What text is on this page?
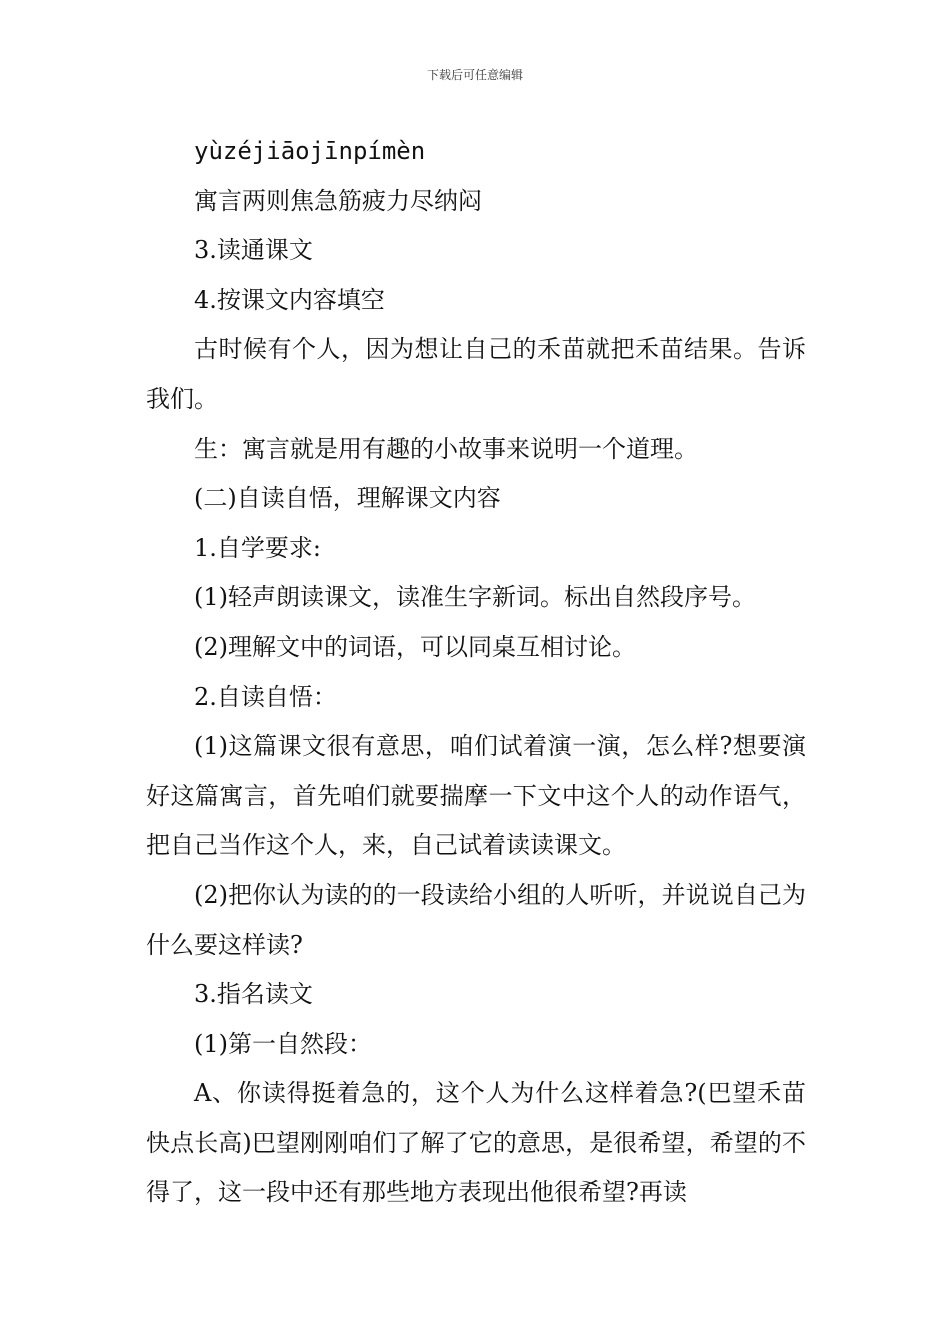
下载后可任意编辑

yùzéjiāojīnpímèn

寓言两则焦急筋疲力尽纳闷

3.读通课文

4.按课文内容填空

古时候有个人，因为想让自己的禾苗就把禾苗结果。告诉我们。

生：寓言就是用有趣的小故事来说明一个道理。

(二)自读自悟，理解课文内容

1.自学要求:

(1)轻声朗读课文，读准生字新词。标出自然段序号。

(2)理解文中的词语，可以同桌互相讨论。

2.自读自悟：

(1)这篇课文很有意思，咱们试着演一演，怎么样?想要演好这篇寓言，首先咱们就要揣摩一下文中这个人的动作语气，把自己当作这个人，来，自己试着读读课文。

(2)把你认为读的的一段读给小组的人听听，并说说自己为什么要这样读?

3.指名读文

(1)第一自然段：

A、你读得挺着急的，这个人为什么这样着急?(巴望禾苗快点长高)巴望刚刚咱们了解了它的意思，是很希望，希望的不得了，这一段中还有那些地方表现出他很希望?再读
